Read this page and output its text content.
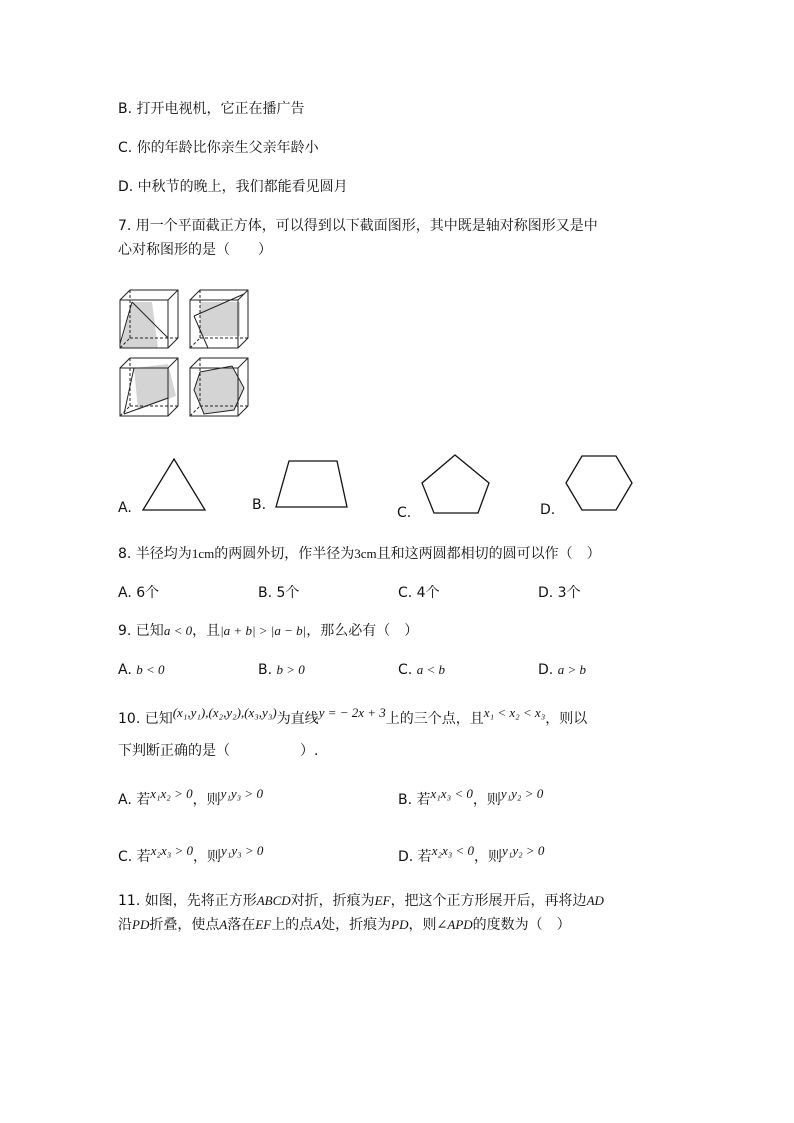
B. 打开电视机，它正在播广告
C. 你的年龄比你亲生父亲年龄小
D. 中秋节的晚上，我们都能看见圆月
7. 用一个平面截正方体，可以得到以下截面图形，其中既是轴对称图形又是中
心对称图形的是（　　）
A.	B.	C.	D.
8. 半径均为1cm的两圆外切，作半径为3cm且和这两圆都相切的圆可以作（　）
A. 6个	B. 5个	C. 4个	D. 3个
9. 已知a < 0，且|a + b| > |a − b|，那么必有（　）
A. b < 0	B. b > 0	C. a < b	D. a > b
10. 已知(x₁,y₁),(x₂,y₂),(x₃,y₃)为直线y = − 2x + 3上的三个点，且x₁ < x₂ < x₃，则以
下判断正确的是（　　　　　）.
A. 若x₁x₂ > 0，则y₁y₃ > 0	B. 若x₁x₃ < 0，则y₁y₂ > 0
C. 若x₂x₃ > 0，则y₁y₃ > 0	D. 若x₂x₃ < 0，则y₁y₂ > 0
11. 如图，先将正方形ABCD对折，折痕为EF，把这个正方形展开后，再将边AD
沿PD折叠，使点A落在EF上的点A处，折痕为PD，则∠APD的度数为（　）
